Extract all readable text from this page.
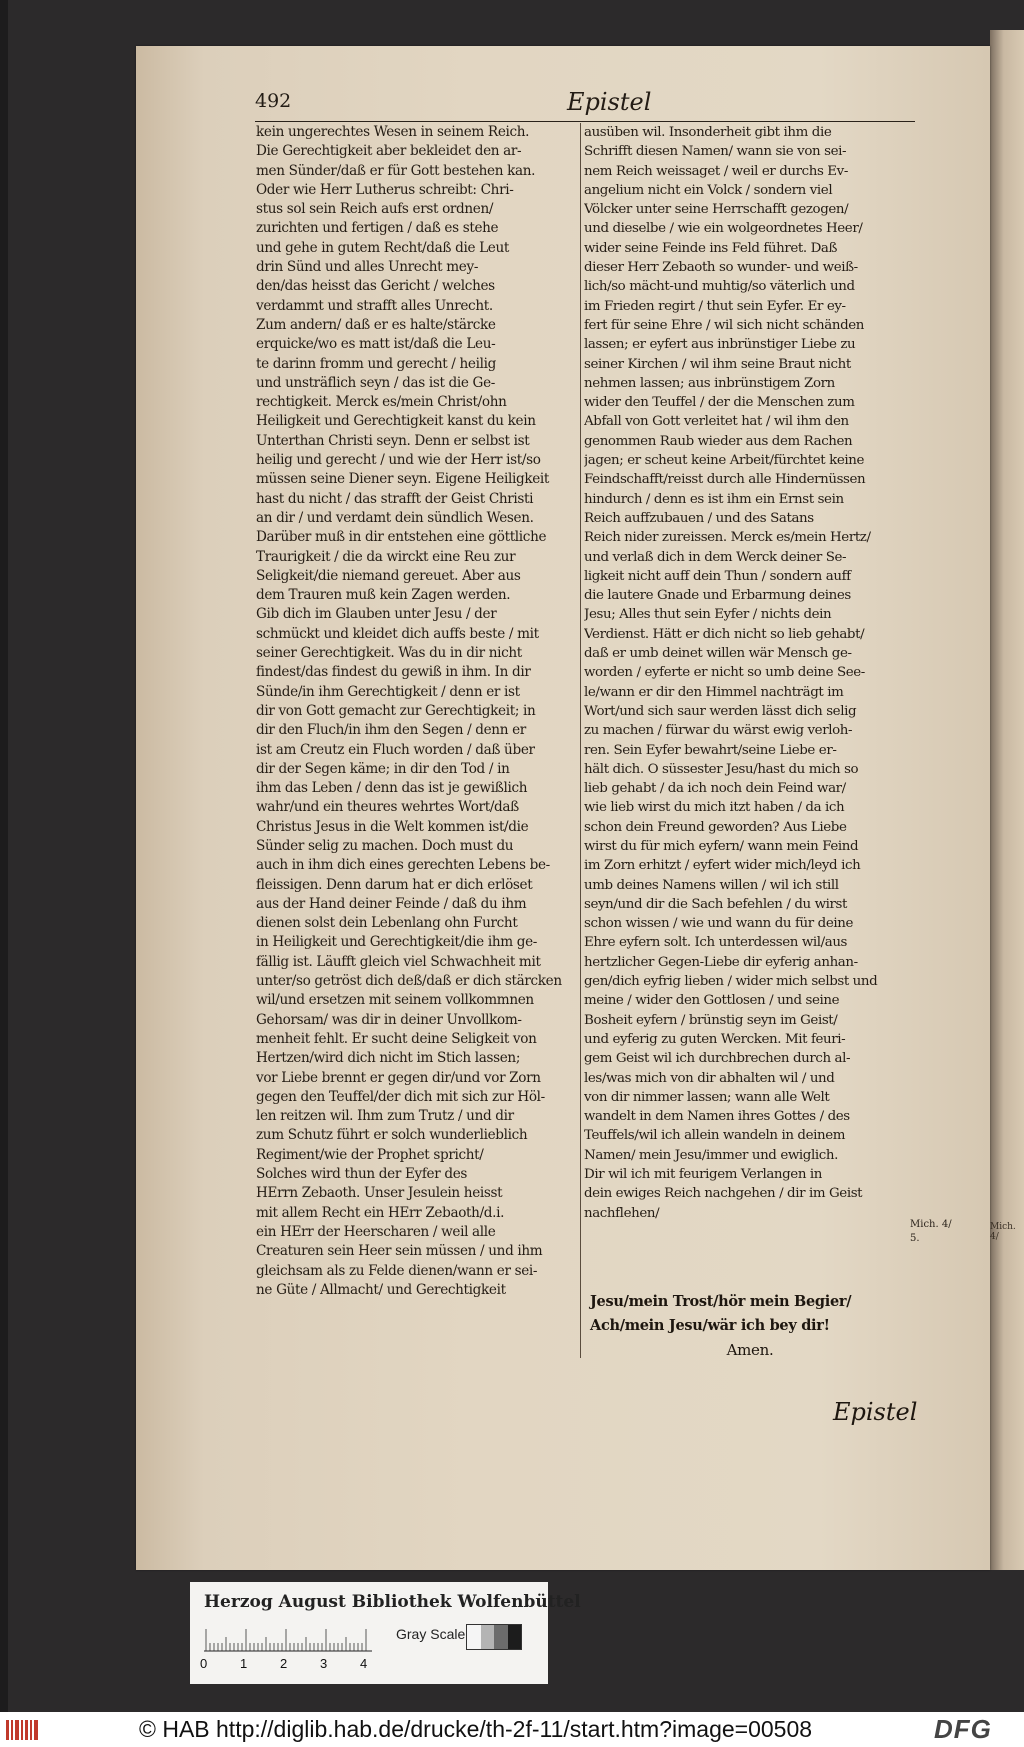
Mich. 4/
492	Epistel
kein ungerechtes Wesen in seinem Reich.
Die Gerechtigkeit aber bekleidet den ar-
men Sünder/daß er für Gott bestehen kan.
Oder wie Herr Lutherus schreibt: Chri-
stus sol sein Reich aufs erst ordnen/
zurichten und fertigen / daß es stehe
und gehe in gutem Recht/daß die Leut
drin Sünd und alles Unrecht mey-
den/das heisst das Gericht / welches
verdammt und strafft alles Unrecht.
Zum andern/ daß er es halte/stärcke
erquicke/wo es matt ist/daß die Leu-
te darinn fromm und gerecht / heilig
und unsträflich seyn / das ist die Ge-
rechtigkeit. Merck es/mein Christ/ohn
Heiligkeit und Gerechtigkeit kanst du kein
Unterthan Christi seyn. Denn er selbst ist
heilig und gerecht / und wie der Herr ist/so
müssen seine Diener seyn. Eigene Heiligkeit
hast du nicht / das strafft der Geist Christi
an dir / und verdamt dein sündlich Wesen.
Darüber muß in dir entstehen eine göttliche
Traurigkeit / die da wirckt eine Reu zur
Seligkeit/die niemand gereuet. Aber aus
dem Trauren muß kein Zagen werden.
Gib dich im Glauben unter Jesu / der
schmückt und kleidet dich auffs beste / mit
seiner Gerechtigkeit. Was du in dir nicht
findest/das findest du gewiß in ihm. In dir
Sünde/in ihm Gerechtigkeit / denn er ist
dir von Gott gemacht zur Gerechtigkeit; in
dir den Fluch/in ihm den Segen / denn er
ist am Creutz ein Fluch worden / daß über
dir der Segen käme; in dir den Tod / in
ihm das Leben / denn das ist je gewißlich
wahr/und ein theures wehrtes Wort/daß
Christus Jesus in die Welt kommen ist/die
Sünder selig zu machen. Doch must du
auch in ihm dich eines gerechten Lebens be-
fleissigen. Denn darum hat er dich erlöset
aus der Hand deiner Feinde / daß du ihm
dienen solst dein Lebenlang ohn Furcht
in Heiligkeit und Gerechtigkeit/die ihm ge-
fällig ist. Läufft gleich viel Schwachheit mit
unter/so getröst dich deß/daß er dich stärcken
wil/und ersetzen mit seinem vollkommnen
Gehorsam/ was dir in deiner Unvollkom-
menheit fehlt. Er sucht deine Seligkeit von
Hertzen/wird dich nicht im Stich lassen;
vor Liebe brennt er gegen dir/und vor Zorn
gegen den Teuffel/der dich mit sich zur Höl-
len reitzen wil. Ihm zum Trutz / und dir
zum Schutz führt er solch wunderlieblich
Regiment/wie der Prophet spricht/
Solches wird thun der Eyfer des
HErrn Zebaoth. Unser Jesulein heisst
mit allem Recht ein HErr Zebaoth/d.i.
ein HErr der Heerscharen / weil alle
Creaturen sein Heer sein müssen / und ihm
gleichsam als zu Felde dienen/wann er sei-
ne Güte / Allmacht/ und Gerechtigkeit
ausüben wil. Insonderheit gibt ihm die
Schrifft diesen Namen/ wann sie von sei-
nem Reich weissaget / weil er durchs Ev-
angelium nicht ein Volck / sondern viel
Völcker unter seine Herrschafft gezogen/
und dieselbe / wie ein wolgeordnetes Heer/
wider seine Feinde ins Feld führet. Daß
dieser Herr Zebaoth so wunder- und weiß-
lich/so mächt-und muhtig/so väterlich und
im Frieden regirt / thut sein Eyfer. Er ey-
fert für seine Ehre / wil sich nicht schänden
lassen; er eyfert aus inbrünstiger Liebe zu
seiner Kirchen / wil ihm seine Braut nicht
nehmen lassen; aus inbrünstigem Zorn
wider den Teuffel / der die Menschen zum
Abfall von Gott verleitet hat / wil ihm den
genommen Raub wieder aus dem Rachen
jagen; er scheut keine Arbeit/fürchtet keine
Feindschafft/reisst durch alle Hindernüssen
hindurch / denn es ist ihm ein Ernst sein
Reich auffzubauen / und des Satans
Reich nider zureissen. Merck es/mein Hertz/
und verlaß dich in dem Werck deiner Se-
ligkeit nicht auff dein Thun / sondern auff
die lautere Gnade und Erbarmung deines
Jesu; Alles thut sein Eyfer / nichts dein
Verdienst. Hätt er dich nicht so lieb gehabt/
daß er umb deinet willen wär Mensch ge-
worden / eyferte er nicht so umb deine See-
le/wann er dir den Himmel nachträgt im
Wort/und sich saur werden lässt dich selig
zu machen / fürwar du wärst ewig verloh-
ren. Sein Eyfer bewahrt/seine Liebe er-
hält dich. O süssester Jesu/hast du mich so
lieb gehabt / da ich noch dein Feind war/
wie lieb wirst du mich itzt haben / da ich
schon dein Freund geworden? Aus Liebe
wirst du für mich eyfern/ wann mein Feind
im Zorn erhitzt / eyfert wider mich/leyd ich
umb deines Namens willen / wil ich still
seyn/und dir die Sach befehlen / du wirst
schon wissen / wie und wann du für deine
Ehre eyfern solt. Ich unterdessen wil/aus
hertzlicher Gegen-Liebe dir eyferig anhan-
gen/dich eyfrig lieben / wider mich selbst und
meine / wider den Gottlosen / und seine
Bosheit eyfern / brünstig seyn im Geist/
und eyferig zu guten Wercken. Mit feuri-
gem Geist wil ich durchbrechen durch al-
les/was mich von dir abhalten wil / und
von dir nimmer lassen; wann alle Welt
wandelt in dem Namen ihres Gottes / des
Teuffels/wil ich allein wandeln in deinem
Namen/ mein Jesu/immer und ewiglich.
Dir wil ich mit feurigem Verlangen in
dein ewiges Reich nachgehen / dir im Geist
nachflehen/
Mich. 4/
5.
Jesu/mein Trost/hör mein Begier/
Ach/mein Jesu/wär ich bey dir!
Amen.
Epistel
Herzog August Bibliothek Wolfenbüttel
0	1	2	3	4
Gray Scale
© HAB http://diglib.hab.de/drucke/th-2f-11/start.htm?image=00508	DFG
